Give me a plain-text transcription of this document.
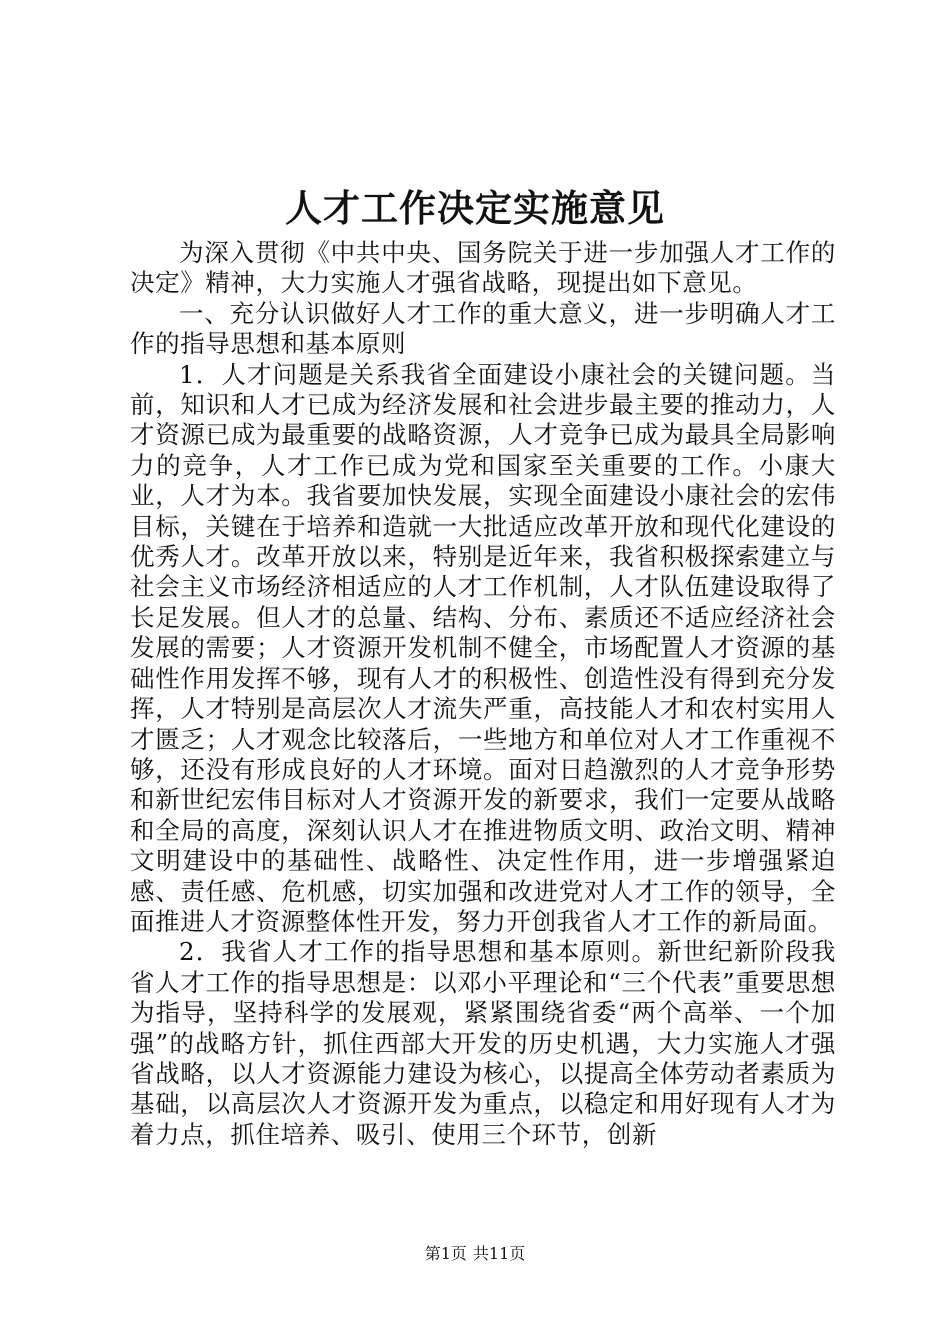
人才工作决定实施意见

为深入贯彻《中共中央、国务院关于进一步加强人才工作的决定》精神，大力实施人才强省战略，现提出如下意见。

一、充分认识做好人才工作的重大意义，进一步明确人才工作的指导思想和基本原则

1．人才问题是关系我省全面建设小康社会的关键问题。当前，知识和人才已成为经济发展和社会进步最主要的推动力，人才资源已成为最重要的战略资源，人才竞争已成为最具全局影响力的竞争，人才工作已成为党和国家至关重要的工作。小康大业，人才为本。我省要加快发展，实现全面建设小康社会的宏伟目标，关键在于培养和造就一大批适应改革开放和现代化建设的优秀人才。改革开放以来，特别是近年来，我省积极探索建立与社会主义市场经济相适应的人才工作机制，人才队伍建设取得了长足发展。但人才的总量、结构、分布、素质还不适应经济社会发展的需要；人才资源开发机制不健全，市场配置人才资源的基础性作用发挥不够，现有人才的积极性、创造性没有得到充分发挥，人才特别是高层次人才流失严重，高技能人才和农村实用人才匮乏；人才观念比较落后，一些地方和单位对人才工作重视不够，还没有形成良好的人才环境。面对日趋激烈的人才竞争形势和新世纪宏伟目标对人才资源开发的新要求，我们一定要从战略和全局的高度，深刻认识人才在推进物质文明、政治文明、精神文明建设中的基础性、战略性、决定性作用，进一步增强紧迫感、责任感、危机感，切实加强和改进党对人才工作的领导，全面推进人才资源整体性开发，努力开创我省人才工作的新局面。

2．我省人才工作的指导思想和基本原则。新世纪新阶段我省人才工作的指导思想是：以邓小平理论和“三个代表”重要思想为指导，坚持科学的发展观，紧紧围绕省委“两个高举、一个加强”的战略方针，抓住西部大开发的历史机遇，大力实施人才强省战略，以人才资源能力建设为核心，以提高全体劳动者素质为基础，以高层次人才资源开发为重点，以稳定和用好现有人才为着力点，抓住培养、吸引、使用三个环节，创新

第1页 共11页
